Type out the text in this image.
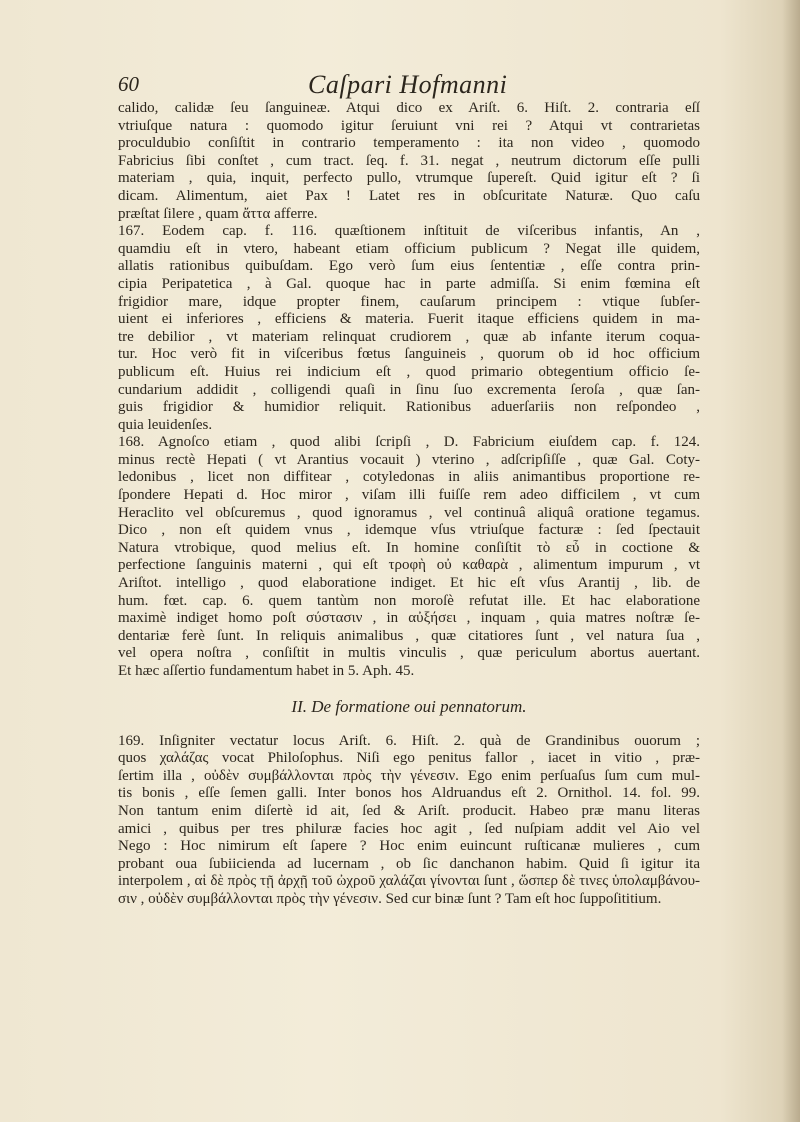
60	Caſpari Hofmanni
calido, calidæ ſeu ſanguineæ. Atqui dico ex Ariſt. 6. Hiſt. 2. contraria eſſ
vtriuſque natura : quomodo igitur ſeruiunt vni rei ? Atqui vt contrarietas
proculdubio conſiſtit in contrario temperamento : ita non video , quomodo
Fabricius ſibi conſtet , cum tract. ſeq. f. 31. negat , neutrum dictorum eſſe pulli
materiam , quia, inquit, perfecto pullo, vtrumque ſupereſt. Quid igitur eſt ? ſi
dicam. Alimentum, aiet Pax ! Latet res in obſcuritate Naturæ. Quo caſu
præſtat ſilere , quam ἄττα afferre.
167. Eodem cap. f. 116. quæſtionem inſtituit de viſceribus infantis, An ,
quamdiu eſt in vtero, habeant etiam officium publicum ? Negat ille quidem,
allatis rationibus quibuſdam. Ego verò ſum eius ſententiæ , eſſe contra prin-
cipia Peripatetica , à Gal. quoque hac in parte admiſſa. Si enim fœmina eſt
frigidior mare, idque propter finem, cauſarum principem : vtique ſubſer-
uient ei inferiores , efficiens & materia. Fuerit itaque efficiens quidem in ma-
tre debilior , vt materiam relinquat crudiorem , quæ ab infante iterum coqua-
tur. Hoc verò fit in viſceribus fœtus ſanguineis , quorum ob id hoc officium
publicum eſt. Huius rei indicium eſt , quod primario obtegentium officio ſe-
cundarium addidit , colligendi quaſi in ſinu ſuo excrementa ſeroſa , quæ ſan-
guis frigidior & humidior reliquit. Rationibus aduerſariis non reſpondeo ,
quia leuidenſes.
168. Agnoſco etiam , quod alibi ſcripſi , D. Fabricium eiuſdem cap. f. 124.
minus rectè Hepati ( vt Arantius vocauit ) vterino , adſcripſiſſe , quæ Gal. Coty-
ledonibus , licet non diffitear , cotyledonas in aliis animantibus proportione re-
ſpondere Hepati d. Hoc miror , viſam illi fuiſſe rem adeo difficilem , vt cum
Heraclito vel obſcuremus , quod ignoramus , vel continuâ aliquâ oratione tegamus.
Dico , non eſt quidem vnus , idemque vſus vtriuſque facturæ : ſed ſpectauit
Natura vtrobique, quod melius eſt. In homine conſiſtit τὸ εὖ in coctione &
perfectione ſanguinis materni , qui eſt τροφὴ οὐ καθαρὰ , alimentum impurum , vt
Ariſtot. intelligo , quod elaboratione indiget. Et hic eſt vſus Arantij , lib. de
hum. fœt. cap. 6. quem tantùm non moroſè refutat ille. Et hac elaboratione
maximè indiget homo poſt σύστασιν , in αὐξήσει , inquam , quia matres noſtræ ſe-
dentariæ ferè ſunt. In reliquis animalibus , quæ citatiores ſunt , vel natura ſua ,
vel opera noſtra , conſiſtit in multis vinculis , quæ periculum abortus auertant.
Et hæc aſſertio fundamentum habet in 5. Aph. 45.
II. De formatione oui pennatorum.
169. Inſigniter vectatur locus Ariſt. 6. Hiſt. 2. quà de Grandinibus ouorum ;
quos χαλάζας vocat Philoſophus. Niſi ego penitus fallor , iacet in vitio , præ-
ſertim illa , οὐδὲν συμβάλλονται πρὸς τὴν γένεσιν. Ego enim perſuaſus ſum cum mul-
tis bonis , eſſe ſemen galli. Inter bonos hos Aldruandus eſt 2. Ornithol. 14. fol. 99.
Non tantum enim diſertè id ait, ſed & Ariſt. producit. Habeo præ manu literas
amici , quibus per tres philuræ facies hoc agit , ſed nuſpiam addit vel Aio vel
Nego : Hoc nimirum eſt ſapere ? Hoc enim euincunt ruſticanæ mulieres , cum
probant oua ſubiicienda ad lucernam , ob ſic danchanon habim. Quid ſi igitur ita
interpolem , αἱ δὲ πρὸς τῇ ἀρχῇ τοῦ ὠχροῦ χαλάζαι γίνονται ſunt , ὥσπερ δὲ τινες ὑπολαμβάνου-
σιν , οὐδὲν συμβάλλονται πρὸς τὴν γένεσιν. Sed cur binæ ſunt ? Tam eſt hoc ſuppoſititium.
